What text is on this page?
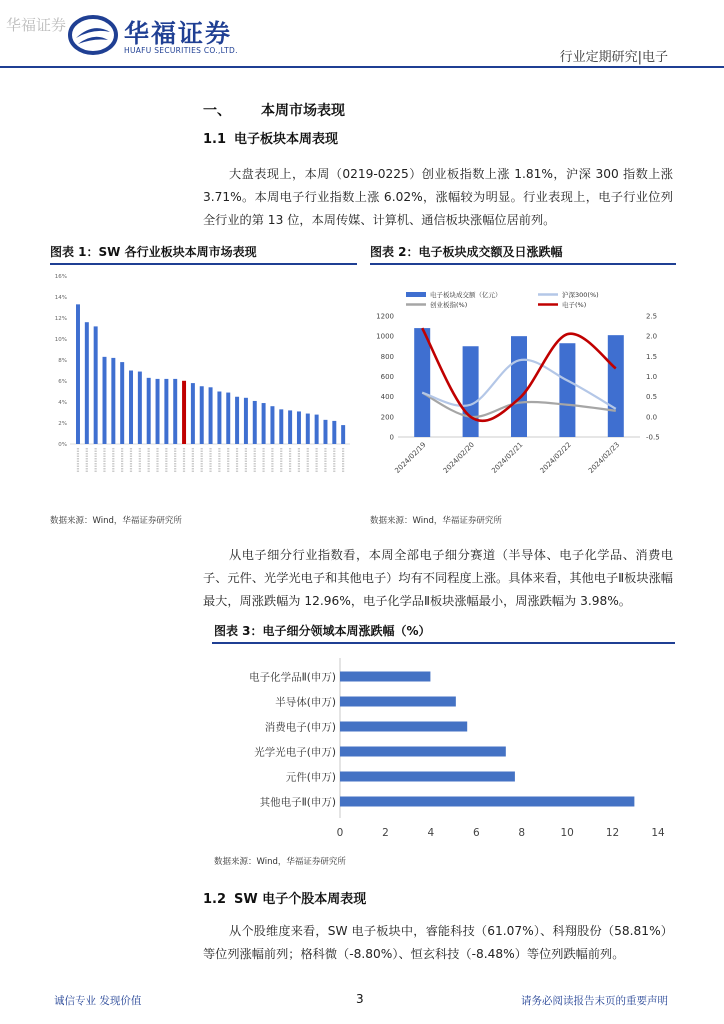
华福证券 华福证券
HUAFU SECURITIES CO.,LTD.	行业定期研究|电子
一、 本周市场表现
1.1 电子板块本周表现

大盘表现上，本周（0219-0225）创业板指数上涨 1.81%，沪深 300 指数上涨 3.71%。本周电子行业指数上涨 6.02%，涨幅较为明显。行业表现上，电子行业位列全行业的第 13 位，本周传媒、计算机、通信板块涨幅位居前列。

图表 1：SW 各行业板块本周市场表现
0%
2%
4%
6%
8%
10%
12%
14%
16%
数据来源：Wind，华福证券研究所
图表 2：电子板块成交额及日涨跌幅
电子板块成交额（亿元）	沪深300(%)
创业板指(%)	电子(%)
0
200
400
600
800
1000
1200
-0.5
0.0
0.5
1.0
1.5
2.0
2.5
2024/02/19 2024/02/20 2024/02/21 2024/02/22 2024/02/23
数据来源：Wind，华福证券研究所

从电子细分行业指数看，本周全部电子细分赛道（半导体、电子化学品、消费电子、元件、光学光电子和其他电子）均有不同程度上涨。具体来看，其他电子Ⅱ板块涨幅最大，周涨跌幅为 12.96%，电子化学品Ⅱ板块涨幅最小，周涨跌幅为 3.98%。

图表 3：电子细分领域本周涨跌幅（%）
电子化学品Ⅱ(申万)
半导体(申万)
消费电子(申万)
光学光电子(申万)
元件(申万)
其他电子Ⅱ(申万)
0	2	4	6	8	10	12	14
数据来源：Wind，华福证券研究所
1.2 SW 电子个股本周表现

从个股维度来看，SW 电子板块中，睿能科技（61.07%）、科翔股份（58.81%）等位列涨幅前列；格科微（-8.80%）、恒玄科技（-8.48%）等位列跌幅前列。

诚信专业 发现价值	3	请务必阅读报告末页的重要声明
